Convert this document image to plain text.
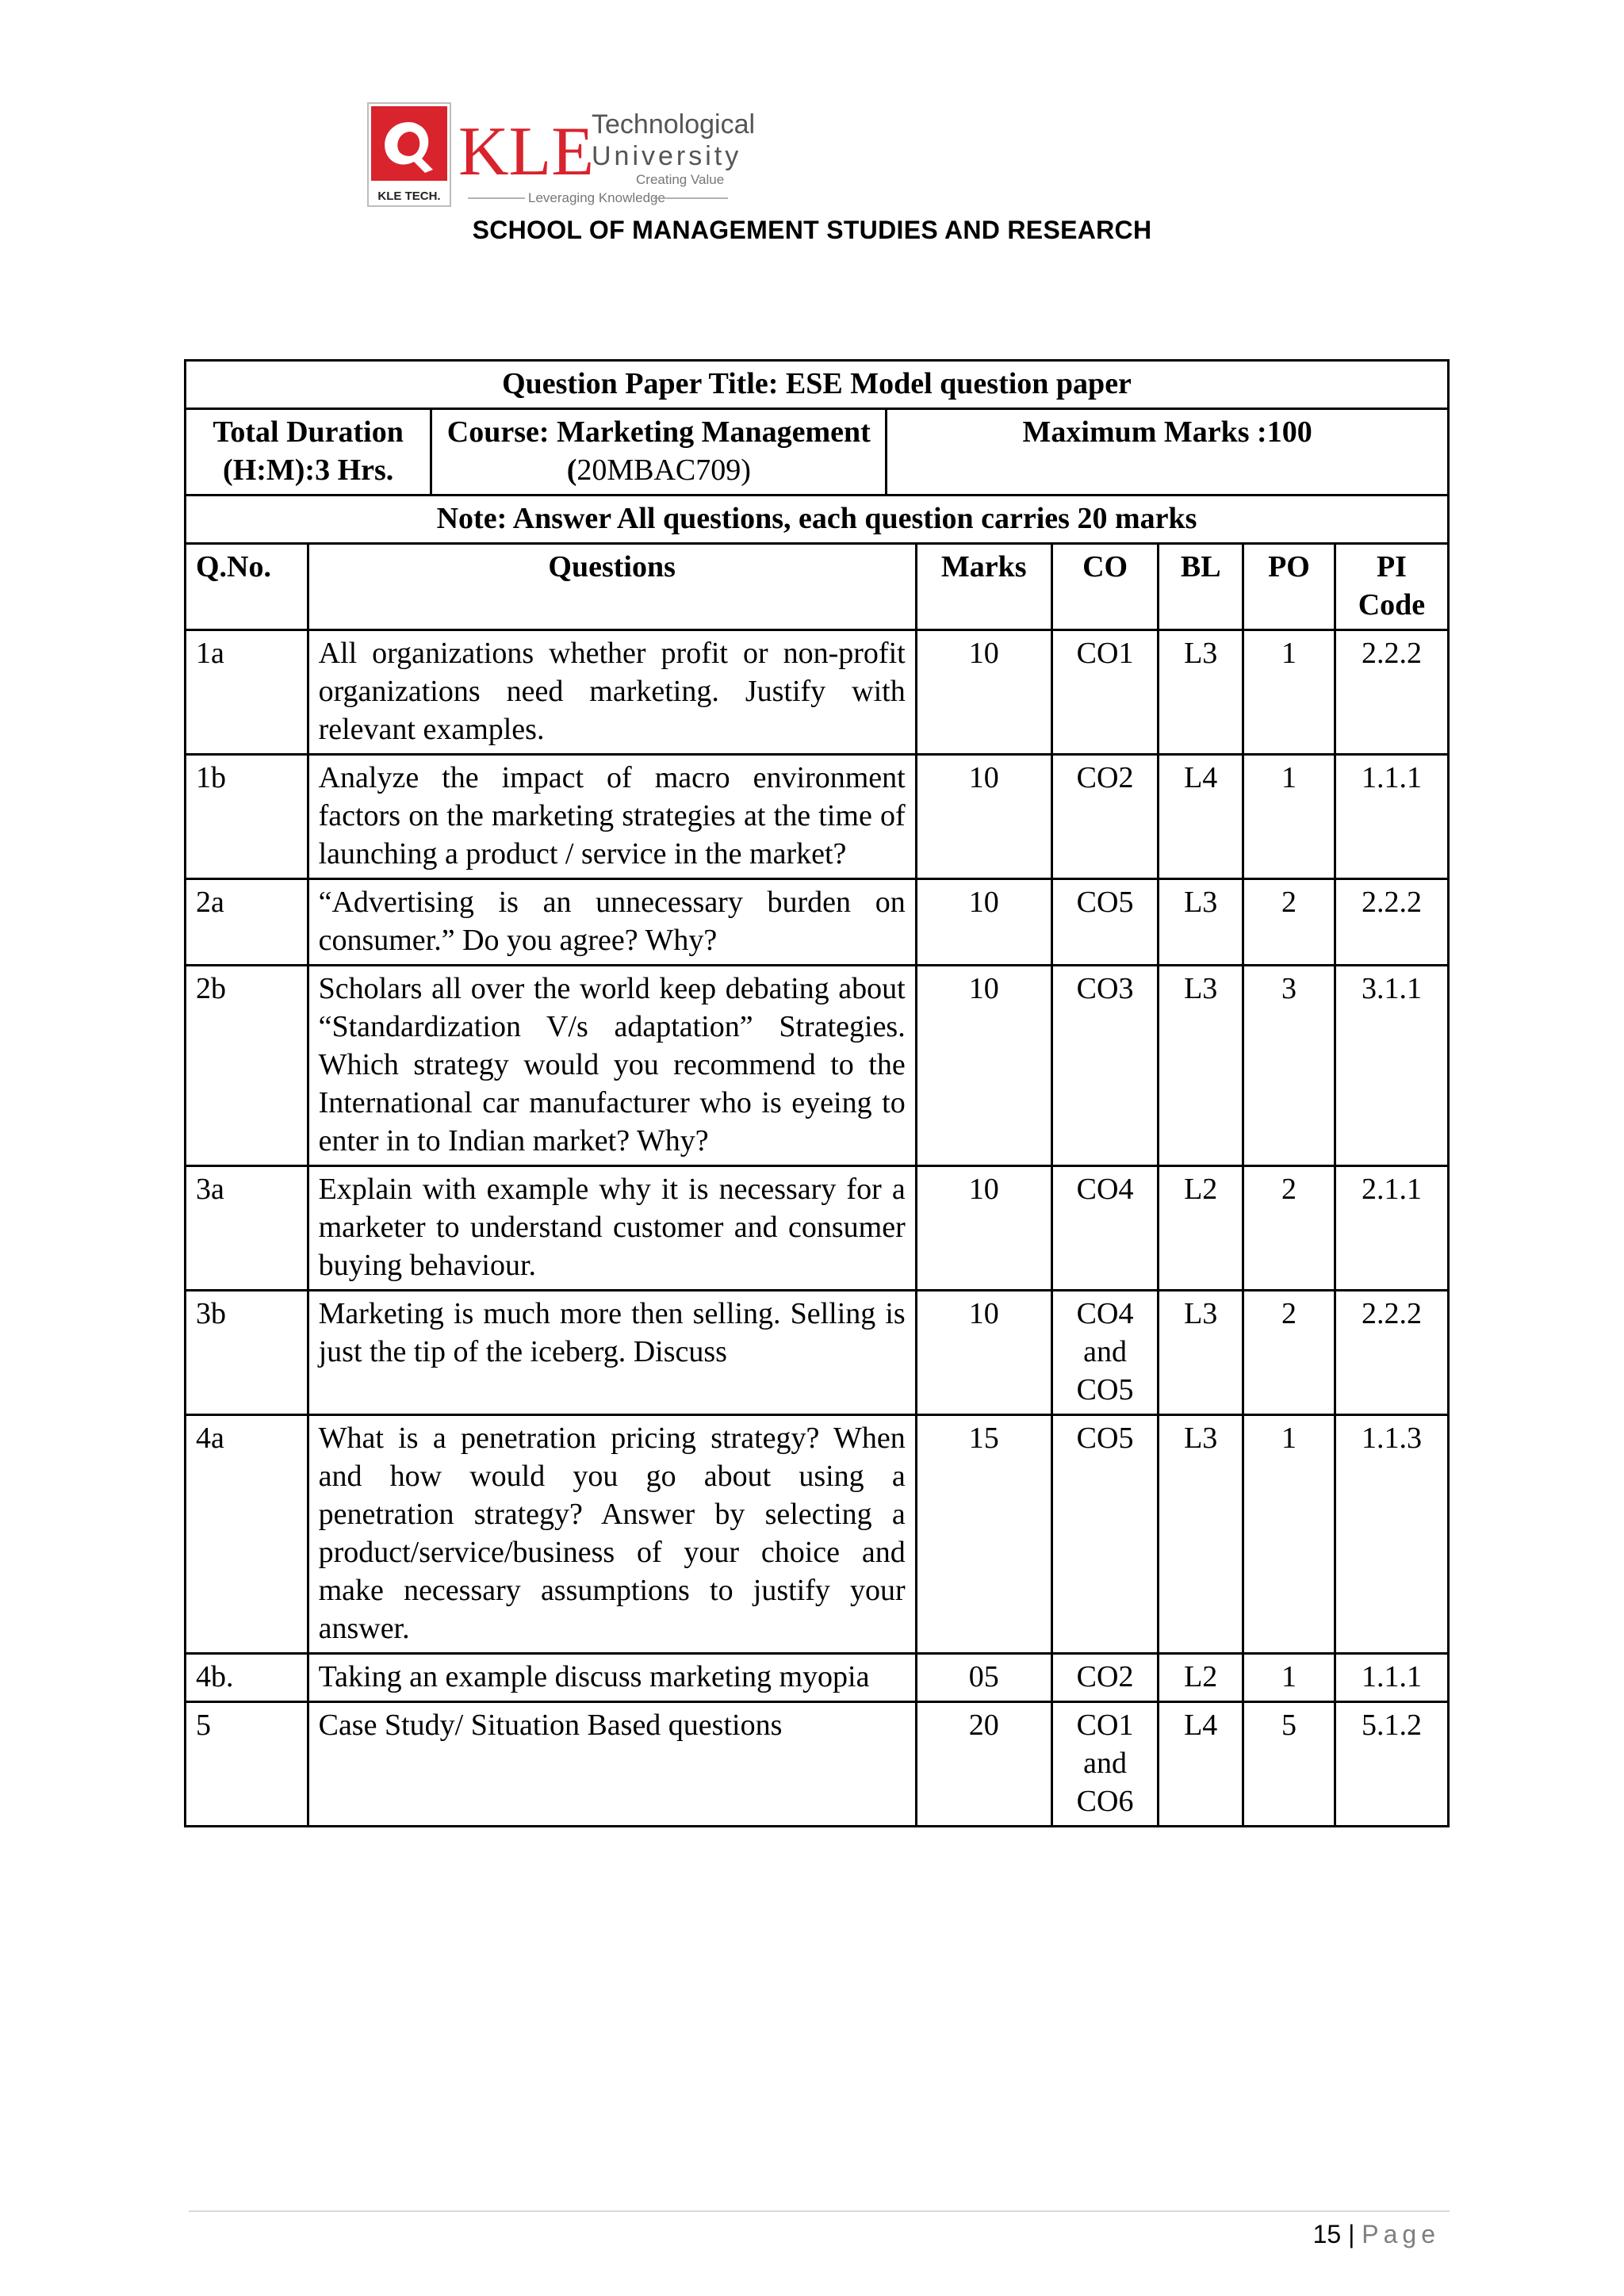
KLE TECH.
KLE
Technological
University
Creating Value
Leveraging Knowledge
SCHOOL OF MANAGEMENT STUDIES AND RESEARCH
Question Paper Title: ESE Model question paper								
Total Duration (H:M):3 Hrs.		Course: Marketing Management (20MBAC709)	Maximum Marks :100					
Note: Answer All questions, each question carries 20 marks								
Q.No.	Questions			Marks	CO	BL	PO	PI Code
1a	All organizations whether profit or non-profit organizations need marketing. Justify with relevant examples.			10	CO1	L3	1	2.2.2
1b	Analyze the impact of macro environment factors on the marketing strategies at the time of launching a product / service in the market?			10	CO2	L4	1	1.1.1
2a	“Advertising is an unnecessary burden on consumer.” Do you agree? Why?			10	CO5	L3	2	2.2.2
2b	Scholars all over the world keep debating about “Standardization V/s adaptation” Strategies. Which strategy would you recommend to the International car manufacturer who is eyeing to enter in to Indian market? Why?			10	CO3	L3	3	3.1.1
3a	Explain with example why it is necessary for a marketer to understand customer and consumer buying behaviour.			10	CO4	L2	2	2.1.1
3b	Marketing is much more then selling. Selling is just the tip of the iceberg. Discuss			10	CO4 and CO5	L3	2	2.2.2
4a	What is a penetration pricing strategy? When and how would you go about using a penetration strategy? Answer by selecting a product/service/business of your choice and make necessary assumptions to justify your answer.			15	CO5	L3	1	1.1.3
4b.	Taking an example discuss marketing myopia			05	CO2	L2	1	1.1.1
5	Case Study/ Situation Based questions			20	CO1 and CO6	L4	5	5.1.2
15 | Page
